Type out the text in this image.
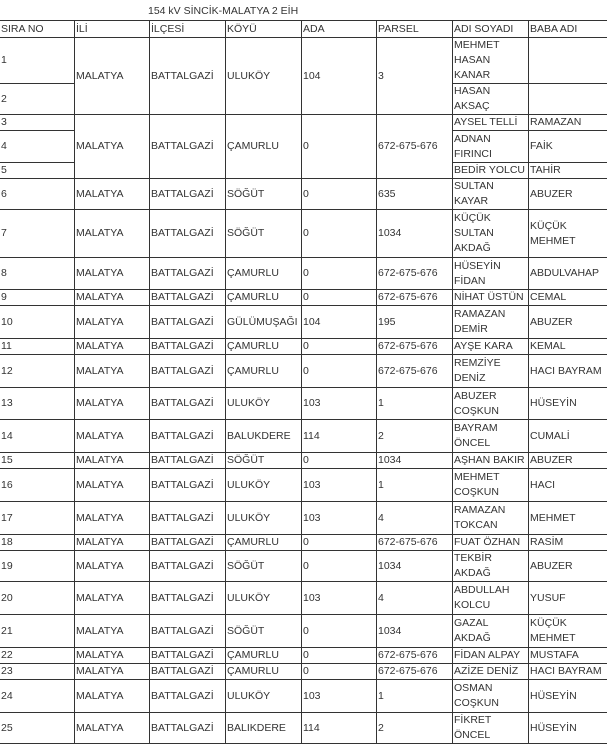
154 kV SİNCİK-MALATYA 2 EİH
SIRA NO	İLİ	İLÇESİ	KÖYÜ	ADA	PARSEL	ADI SOYADI	BABA ADI
1	MALATYA	BATTALGAZİ	ULUKÖY	104	3	MEHMET HASAN KANAR	
2						HASAN AKSAÇ	
3	MALATYA	BATTALGAZİ	ÇAMURLU	0	672-675-676	AYSEL TELLİ	RAMAZAN
4						ADNAN FIRINCI	FAİK
5						BEDİR YOLCU	TAHİR
6	MALATYA	BATTALGAZİ	SÖĞÜT	0	635	SULTAN KAYAR	ABUZER
7	MALATYA	BATTALGAZİ	SÖĞÜT	0	1034	KÜÇÜK SULTAN AKDAĞ	KÜÇÜK MEHMET
8	MALATYA	BATTALGAZİ	ÇAMURLU	0	672-675-676	HÜSEYİN FİDAN	ABDULVAHAP
9	MALATYA	BATTALGAZİ	ÇAMURLU	0	672-675-676	NİHAT ÜSTÜN	CEMAL
10	MALATYA	BATTALGAZİ	GÜLÜMUŞAĞI	104	195	RAMAZAN DEMİR	ABUZER
11	MALATYA	BATTALGAZİ	ÇAMURLU	0	672-675-676	AYŞE KARA	KEMAL
12	MALATYA	BATTALGAZİ	ÇAMURLU	0	672-675-676	REMZİYE DENİZ	HACI BAYRAM
13	MALATYA	BATTALGAZİ	ULUKÖY	103	1	ABUZER COŞKUN	HÜSEYİN
14	MALATYA	BATTALGAZİ	BALUKDERE	114	2	BAYRAM ÖNCEL	CUMALİ
15	MALATYA	BATTALGAZİ	SÖĞÜT	0	1034	AŞHAN BAKIR	ABUZER
16	MALATYA	BATTALGAZİ	ULUKÖY	103	1	MEHMET COŞKUN	HACI
17	MALATYA	BATTALGAZİ	ULUKÖY	103	4	RAMAZAN TOKCAN	MEHMET
18	MALATYA	BATTALGAZİ	ÇAMURLU	0	672-675-676	FUAT ÖZHAN	RASİM
19	MALATYA	BATTALGAZİ	SÖĞÜT	0	1034	TEKBİR AKDAĞ	ABUZER
20	MALATYA	BATTALGAZİ	ULUKÖY	103	4	ABDULLAH KOLCU	YUSUF
21	MALATYA	BATTALGAZİ	SÖĞÜT	0	1034	GAZAL AKDAĞ	KÜÇÜK MEHMET
22	MALATYA	BATTALGAZİ	ÇAMURLU	0	672-675-676	FİDAN ALPAY	MUSTAFA
23	MALATYA	BATTALGAZİ	ÇAMURLU	0	672-675-676	AZİZE DENİZ	HACI BAYRAM
24	MALATYA	BATTALGAZİ	ULUKÖY	103	1	OSMAN COŞKUN	HÜSEYİN
25	MALATYA	BATTALGAZİ	BALIKDERE	114	2	FİKRET ÖNCEL	HÜSEYİN
